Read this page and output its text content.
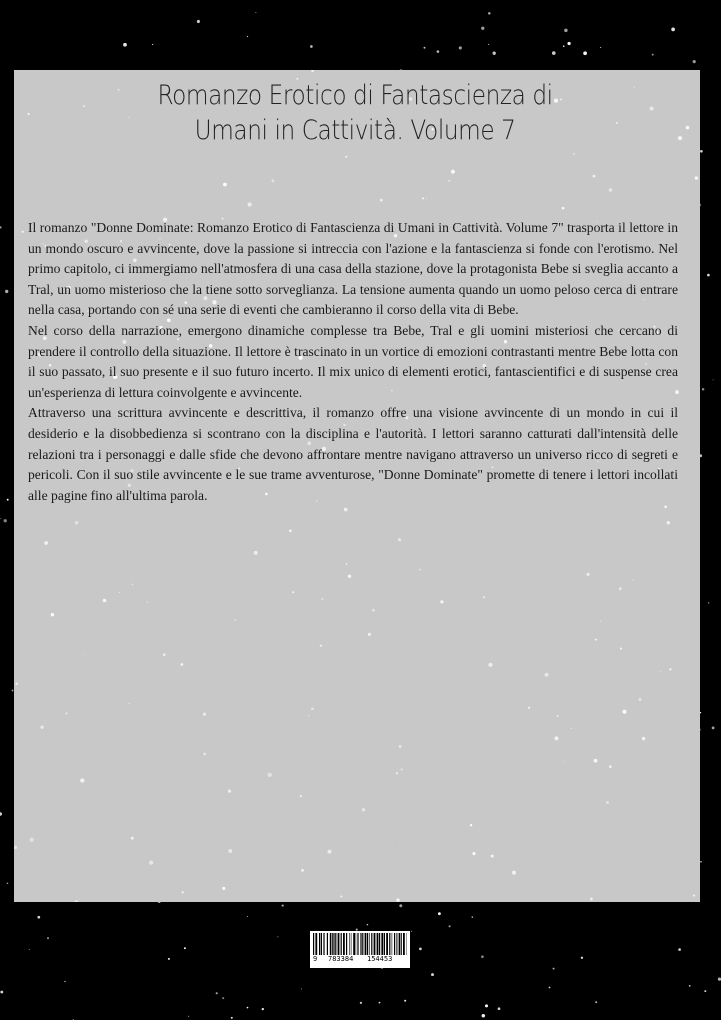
Romanzo Erotico di Fantascienza di
Umani in Cattività. Volume 7

Il romanzo "Donne Dominate: Romanzo Erotico di Fantascienza di Umani in Cattività. Volume 7" trasporta il lettore in un mondo oscuro e avvincente, dove la passione si intreccia con l'azione e la fantascienza si fonde con l'erotismo. Nel primo capitolo, ci immergiamo nell'atmosfera di una casa della stazione, dove la protagonista Bebe si sveglia accanto a Tral, un uomo misterioso che la tiene sotto sorveglianza. La tensione aumenta quando un uomo peloso cerca di entrare nella casa, portando con sé una serie di eventi che cambieranno il corso della vita di Bebe.

Nel corso della narrazione, emergono dinamiche complesse tra Bebe, Tral e gli uomini misteriosi che cercano di prendere il controllo della situazione. Il lettore è trascinato in un vortice di emozioni contrastanti mentre Bebe lotta con il suo passato, il suo presente e il suo futuro incerto. Il mix unico di elementi erotici, fantascientifici e di suspense crea un'esperienza di lettura coinvolgente e avvincente.

Attraverso una scrittura avvincente e descrittiva, il romanzo offre una visione avvincente di un mondo in cui il desiderio e la disobbedienza si scontrano con la disciplina e l'autorità. I lettori saranno catturati dall'intensità delle relazioni tra i personaggi e dalle sfide che devono affrontare mentre navigano attraverso un universo ricco di segreti e pericoli. Con il suo stile avvincente e le sue trame avventurose, "Donne Dominate" promette di tenere i lettori incollati alle pagine fino all'ultima parola.

9 783384 154453
